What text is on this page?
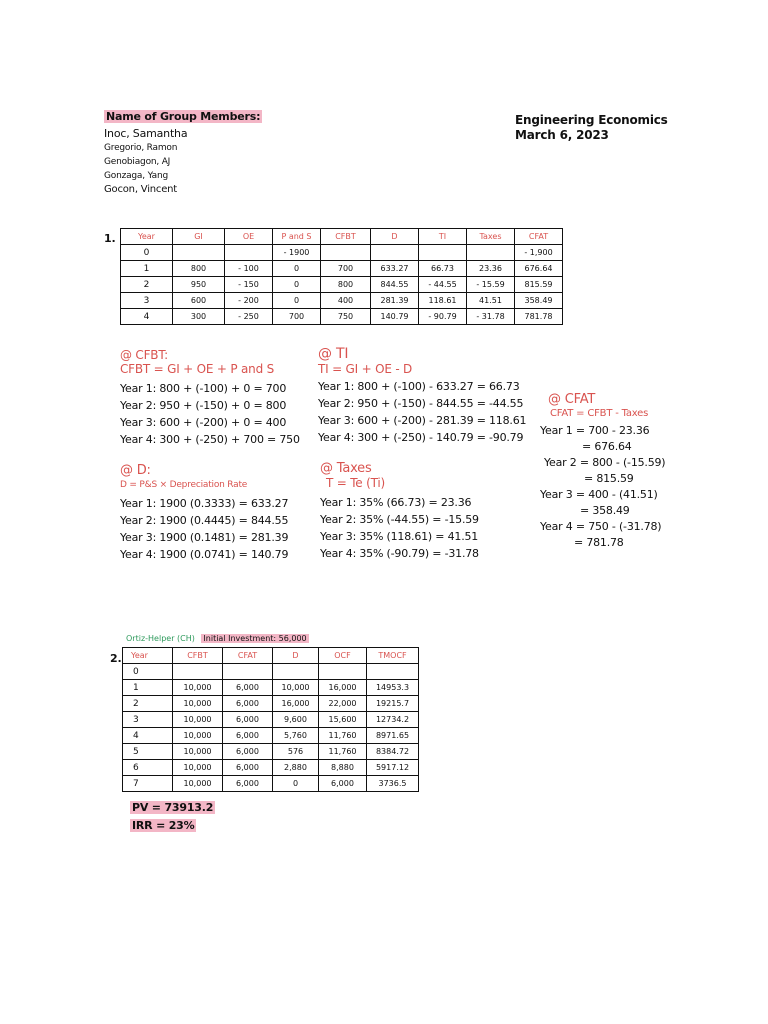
Name of Group Members:
Inoc, Samantha
Gregorio, Ramon
Genobiagon, AJ
Gonzaga, Yang
Gocon, Vincent
Engineering Economics
March 6, 2023
1.	Year	GI	OE	P and S	CFBT	D	TI	Taxes	CFAT
0			- 1900					- 1,900
1	800	- 100	0	700	633.27	66.73	23.36	676.64
2	950	- 150	0	800	844.55	- 44.55	- 15.59	815.59
3	600	- 200	0	400	281.39	118.61	41.51	358.49
4	300	- 250	700	750	140.79	- 90.79	- 31.78	781.78
@ CFBT:
CFBT = GI + OE + P and S
Year 1: 800 + (-100) + 0 = 700
Year 2: 950 + (-150) + 0 = 800
Year 3: 600 + (-200) + 0 = 400
Year 4: 300 + (-250) + 700 = 750
@ TI
TI = GI + OE - D
Year 1: 800 + (-100) - 633.27 = 66.73
Year 2: 950 + (-150) - 844.55 = -44.55
Year 3: 600 + (-200) - 281.39 = 118.61
Year 4: 300 + (-250) - 140.79 = -90.79
@ CFAT
CFAT = CFBT - Taxes
Year 1 = 700 - 23.36
= 676.64
Year 2 = 800 - (-15.59)
= 815.59
Year 3 = 400 - (41.51)
= 358.49
Year 4 = 750 - (-31.78)
= 781.78
@ D:
D = P&S × Depreciation Rate
Year 1: 1900 (0.3333) = 633.27
Year 2: 1900 (0.4445) = 844.55
Year 3: 1900 (0.1481) = 281.39
Year 4: 1900 (0.0741) = 140.79
@ Taxes
T = Te (Ti)
Year 1: 35% (66.73) = 23.36
Year 2: 35% (-44.55) = -15.59
Year 3: 35% (118.61) = 41.51
Year 4: 35% (-90.79) = -31.78
Ortiz-Helper (CH) Initial Investment: 56,000
2. Year	CFBT	CFAT	D	OCF	TMOCF
0					
1	10,000	6,000	10,000	16,000	14953.3
2	10,000	6,000	16,000	22,000	19215.7
3	10,000	6,000	9,600	15,600	12734.2
4	10,000	6,000	5,760	11,760	8971.65
5	10,000	6,000	576	11,760	8384.72
6	10,000	6,000	2,880	8,880	5917.12
7	10,000	6,000	0	6,000	3736.5
PV = 73913.2
IRR = 23%
